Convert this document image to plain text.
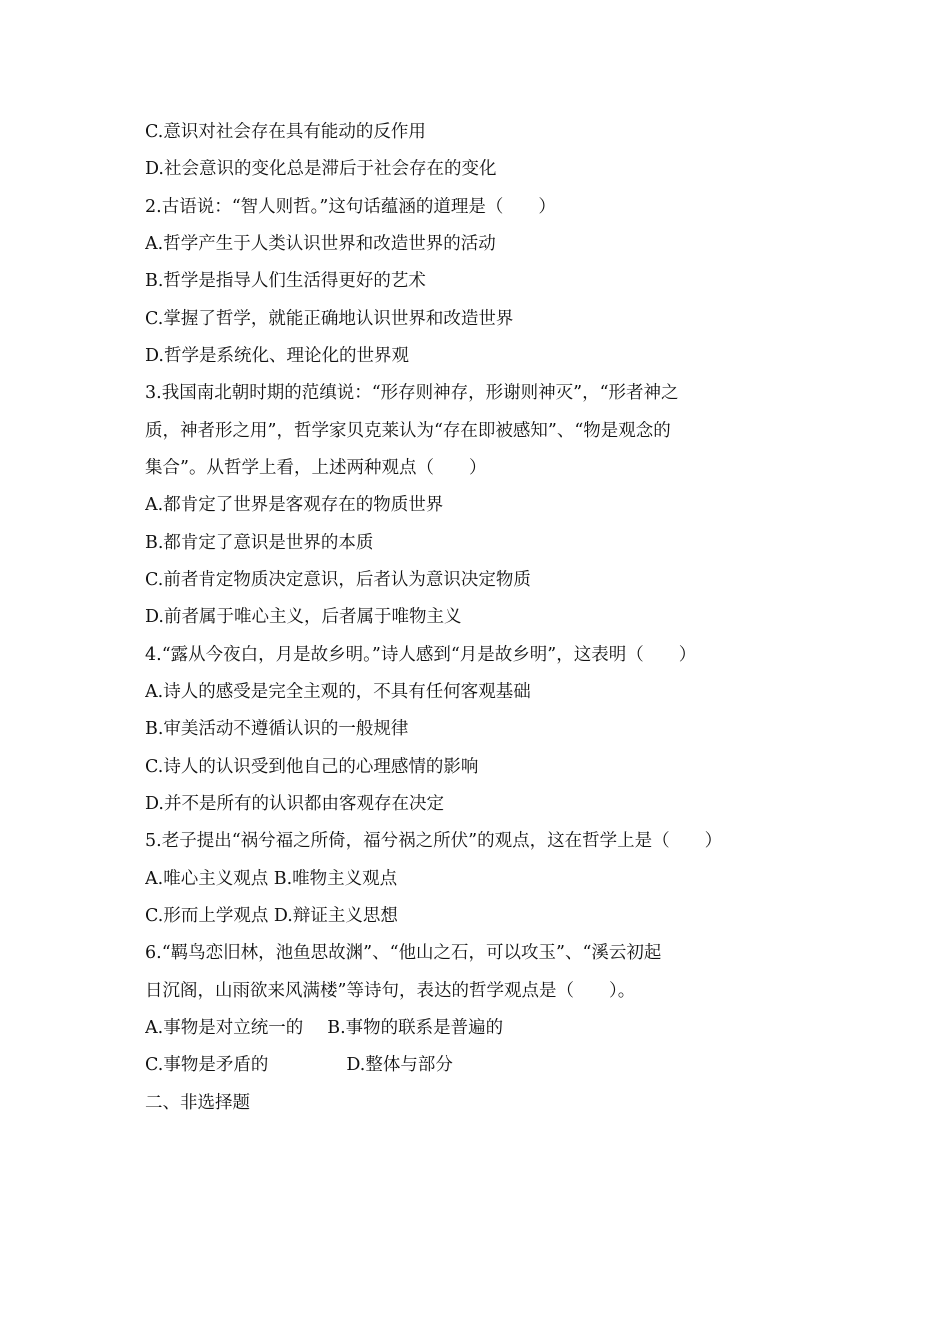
C.意识对社会存在具有能动的反作用
D.社会意识的变化总是滞后于社会存在的变化
2.古语说：“智人则哲。”这句话蕴涵的道理是（　　）
A.哲学产生于人类认识世界和改造世界的活动
B.哲学是指导人们生活得更好的艺术
C.掌握了哲学，就能正确地认识世界和改造世界
D.哲学是系统化、理论化的世界观
3.我国南北朝时期的范缜说：“形存则神存，形谢则神灭”，“形者神之
质，神者形之用”，哲学家贝克莱认为“存在即被感知”、“物是观念的
集合”。从哲学上看，上述两种观点（　　）
A.都肯定了世界是客观存在的物质世界
B.都肯定了意识是世界的本质
C.前者肯定物质决定意识，后者认为意识决定物质
D.前者属于唯心主义，后者属于唯物主义
4.“露从今夜白，月是故乡明。”诗人感到“月是故乡明”，这表明（　　）
A.诗人的感受是完全主观的，不具有任何客观基础
B.审美活动不遵循认识的一般规律
C.诗人的认识受到他自己的心理感情的影响
D.并不是所有的认识都由客观存在决定
5.老子提出“祸兮福之所倚，福兮祸之所伏”的观点，这在哲学上是（　　）
A.唯心主义观点 B.唯物主义观点
C.形而上学观点 D.辩证主义思想
6.“羁鸟恋旧林，池鱼思故渊”、“他山之石，可以攻玉”、“溪云初起
日沉阁，山雨欲来风满楼”等诗句，表达的哲学观点是（　　）。
A.事物是对立统一的 B.事物的联系是普遍的
C.事物是矛盾的	D.整体与部分
二、非选择题
